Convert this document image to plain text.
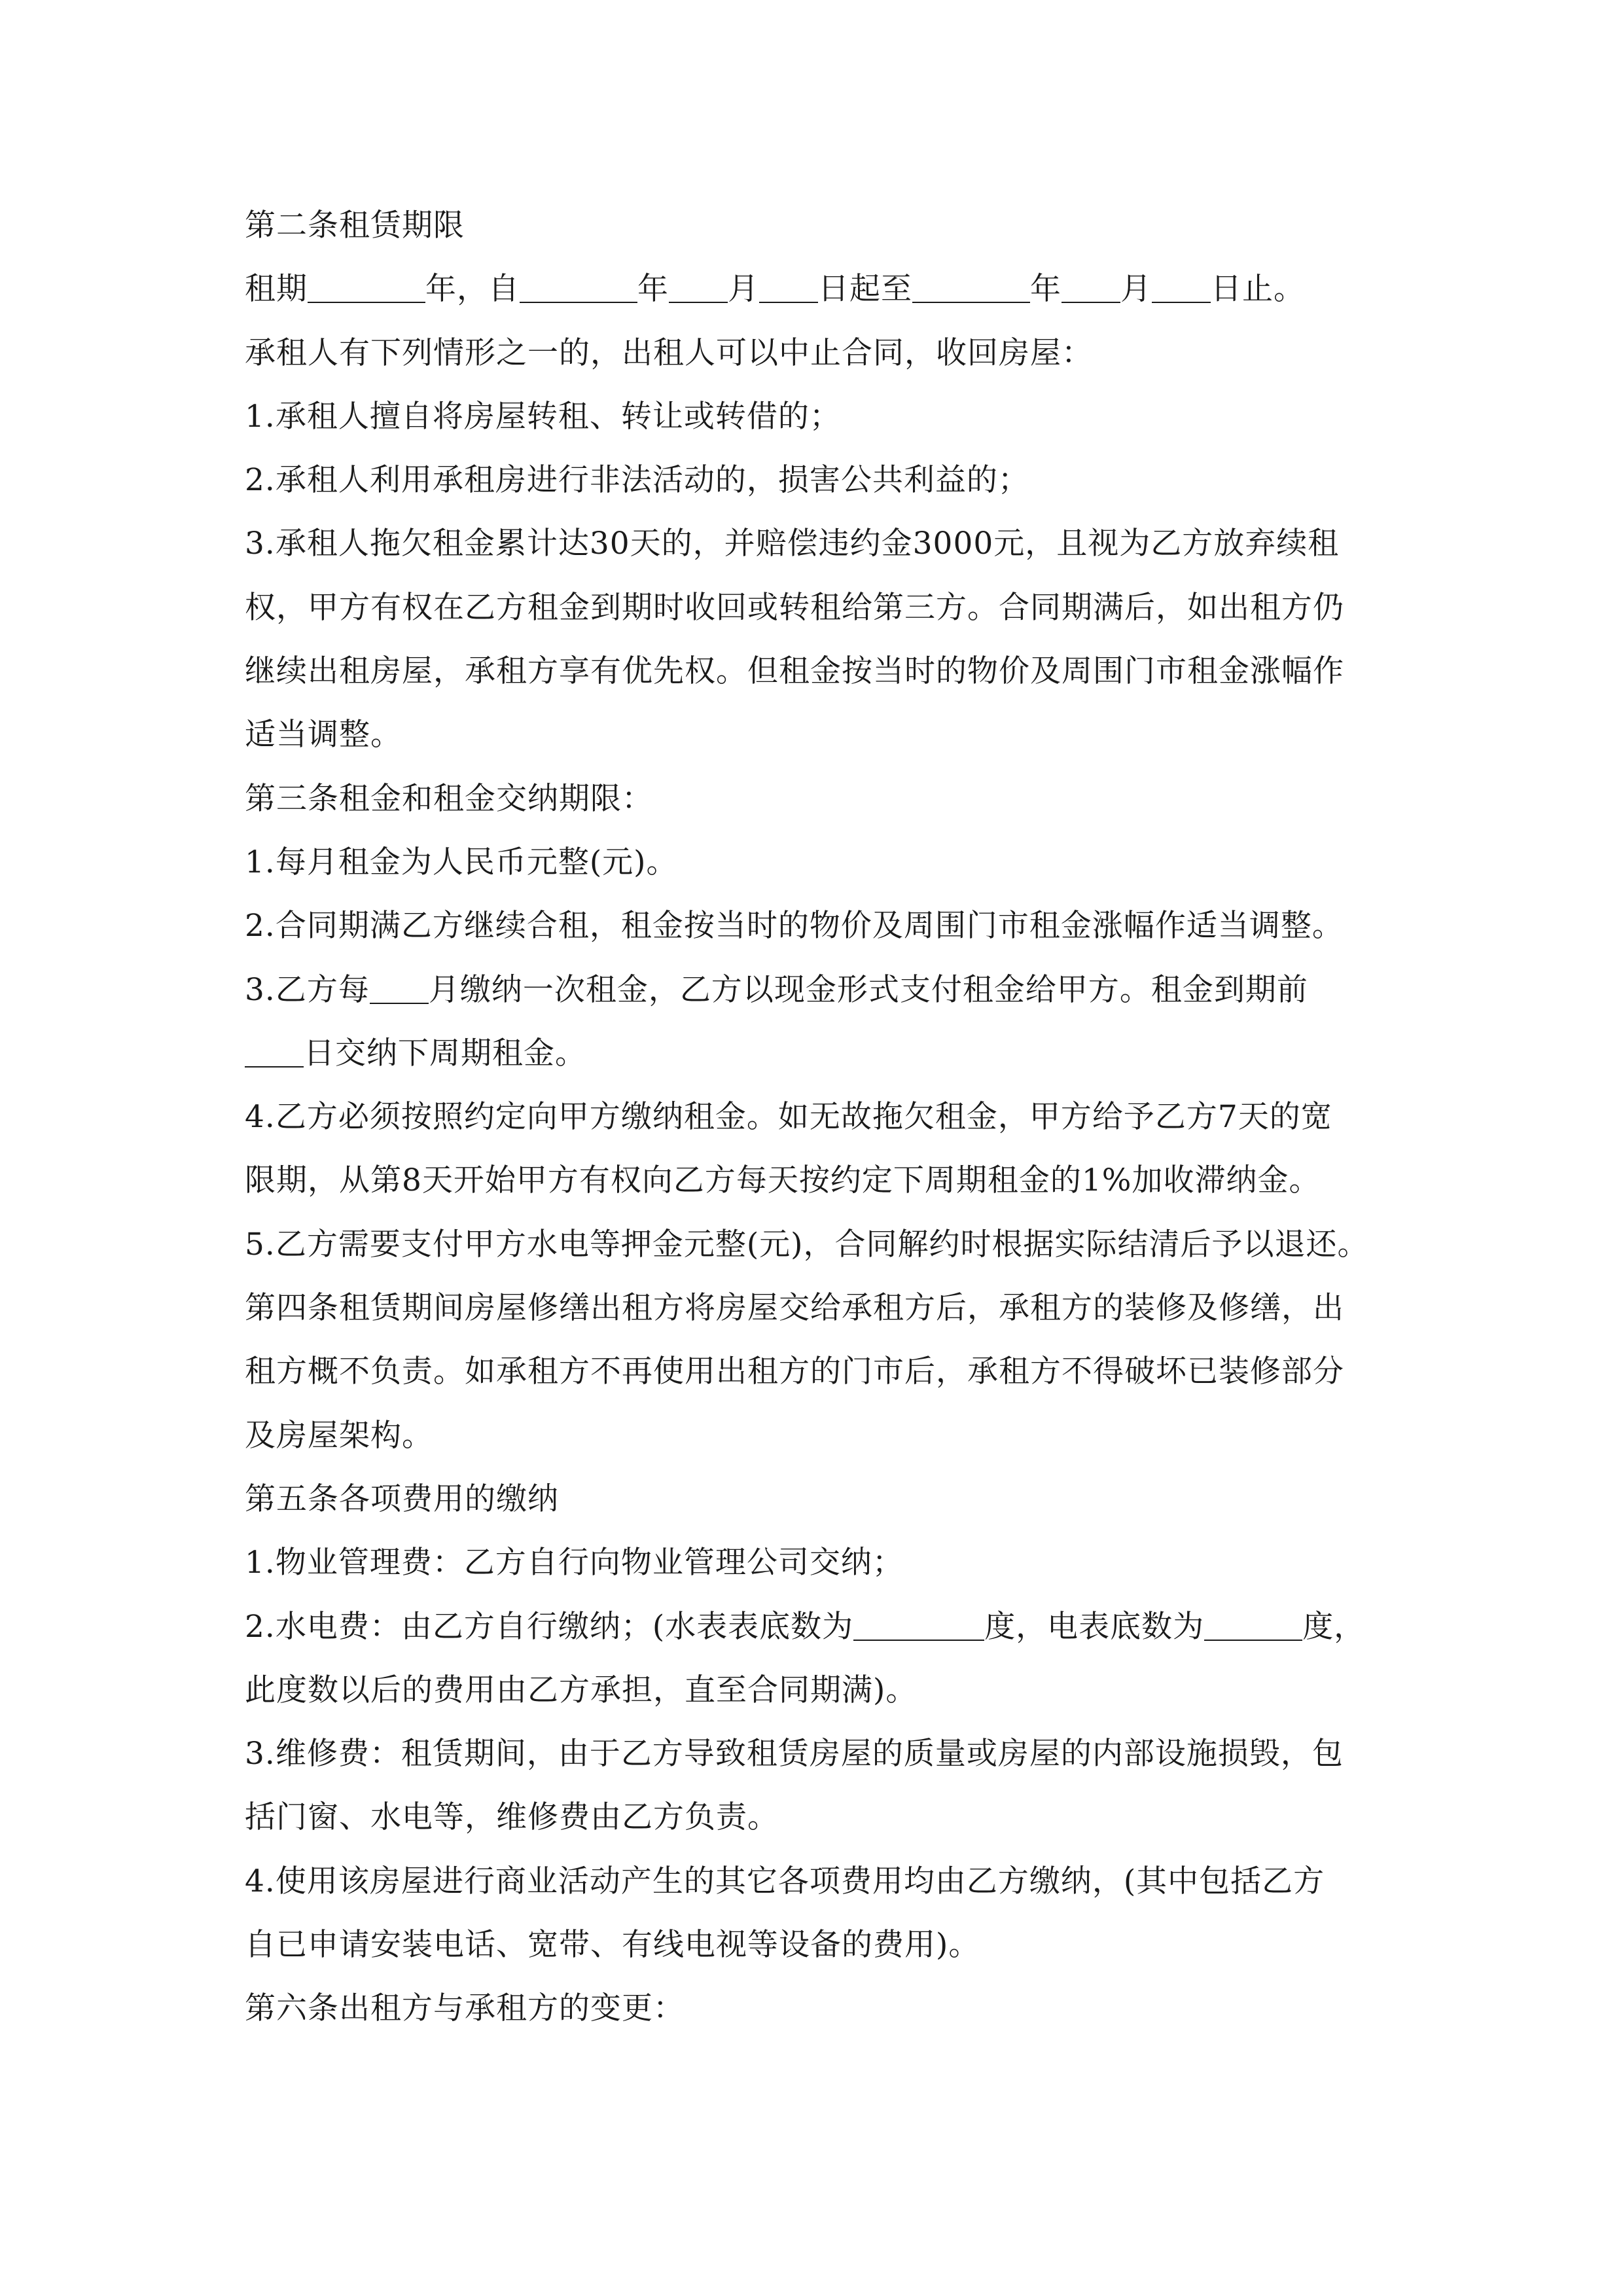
第二条租赁期限
租期	年，自	年 月 日起至	年 月 日止。
承租人有下列情形之一的，出租人可以中止合同，收回房屋：
1.承租人擅自将房屋转租、转让或转借的；
2.承租人利用承租房进行非法活动的，损害公共利益的；
3.承租人拖欠租金累计达30天的，并赔偿违约金3000元，且视为乙方放弃续租
权，甲方有权在乙方租金到期时收回或转租给第三方。合同期满后，如出租方仍
继续出租房屋，承租方享有优先权。但租金按当时的物价及周围门市租金涨幅作
适当调整。
第三条租金和租金交纳期限：
1.每月租金为人民币元整(元)。
2.合同期满乙方继续合租，租金按当时的物价及周围门市租金涨幅作适当调整。
3.乙方每 月缴纳一次租金，乙方以现金形式支付租金给甲方。租金到期前
日交纳下周期租金。
4.乙方必须按照约定向甲方缴纳租金。如无故拖欠租金，甲方给予乙方7天的宽
限期，从第8天开始甲方有权向乙方每天按约定下周期租金的1%加收滞纳金。
5.乙方需要支付甲方水电等押金元整(元)，合同解约时根据实际结清后予以退还。
第四条租赁期间房屋修缮出租方将房屋交给承租方后，承租方的装修及修缮，出
租方概不负责。如承租方不再使用出租方的门市后，承租方不得破坏已装修部分
及房屋架构。
第五条各项费用的缴纳
1.物业管理费：乙方自行向物业管理公司交纳；
2.水电费：由乙方自行缴纳；(水表表底数为	度，电表底数为	度，
此度数以后的费用由乙方承担，直至合同期满)。
3.维修费：租赁期间，由于乙方导致租赁房屋的质量或房屋的内部设施损毁，包
括门窗、水电等，维修费由乙方负责。
4.使用该房屋进行商业活动产生的其它各项费用均由乙方缴纳，(其中包括乙方
自已申请安装电话、宽带、有线电视等设备的费用)。
第六条出租方与承租方的变更：
